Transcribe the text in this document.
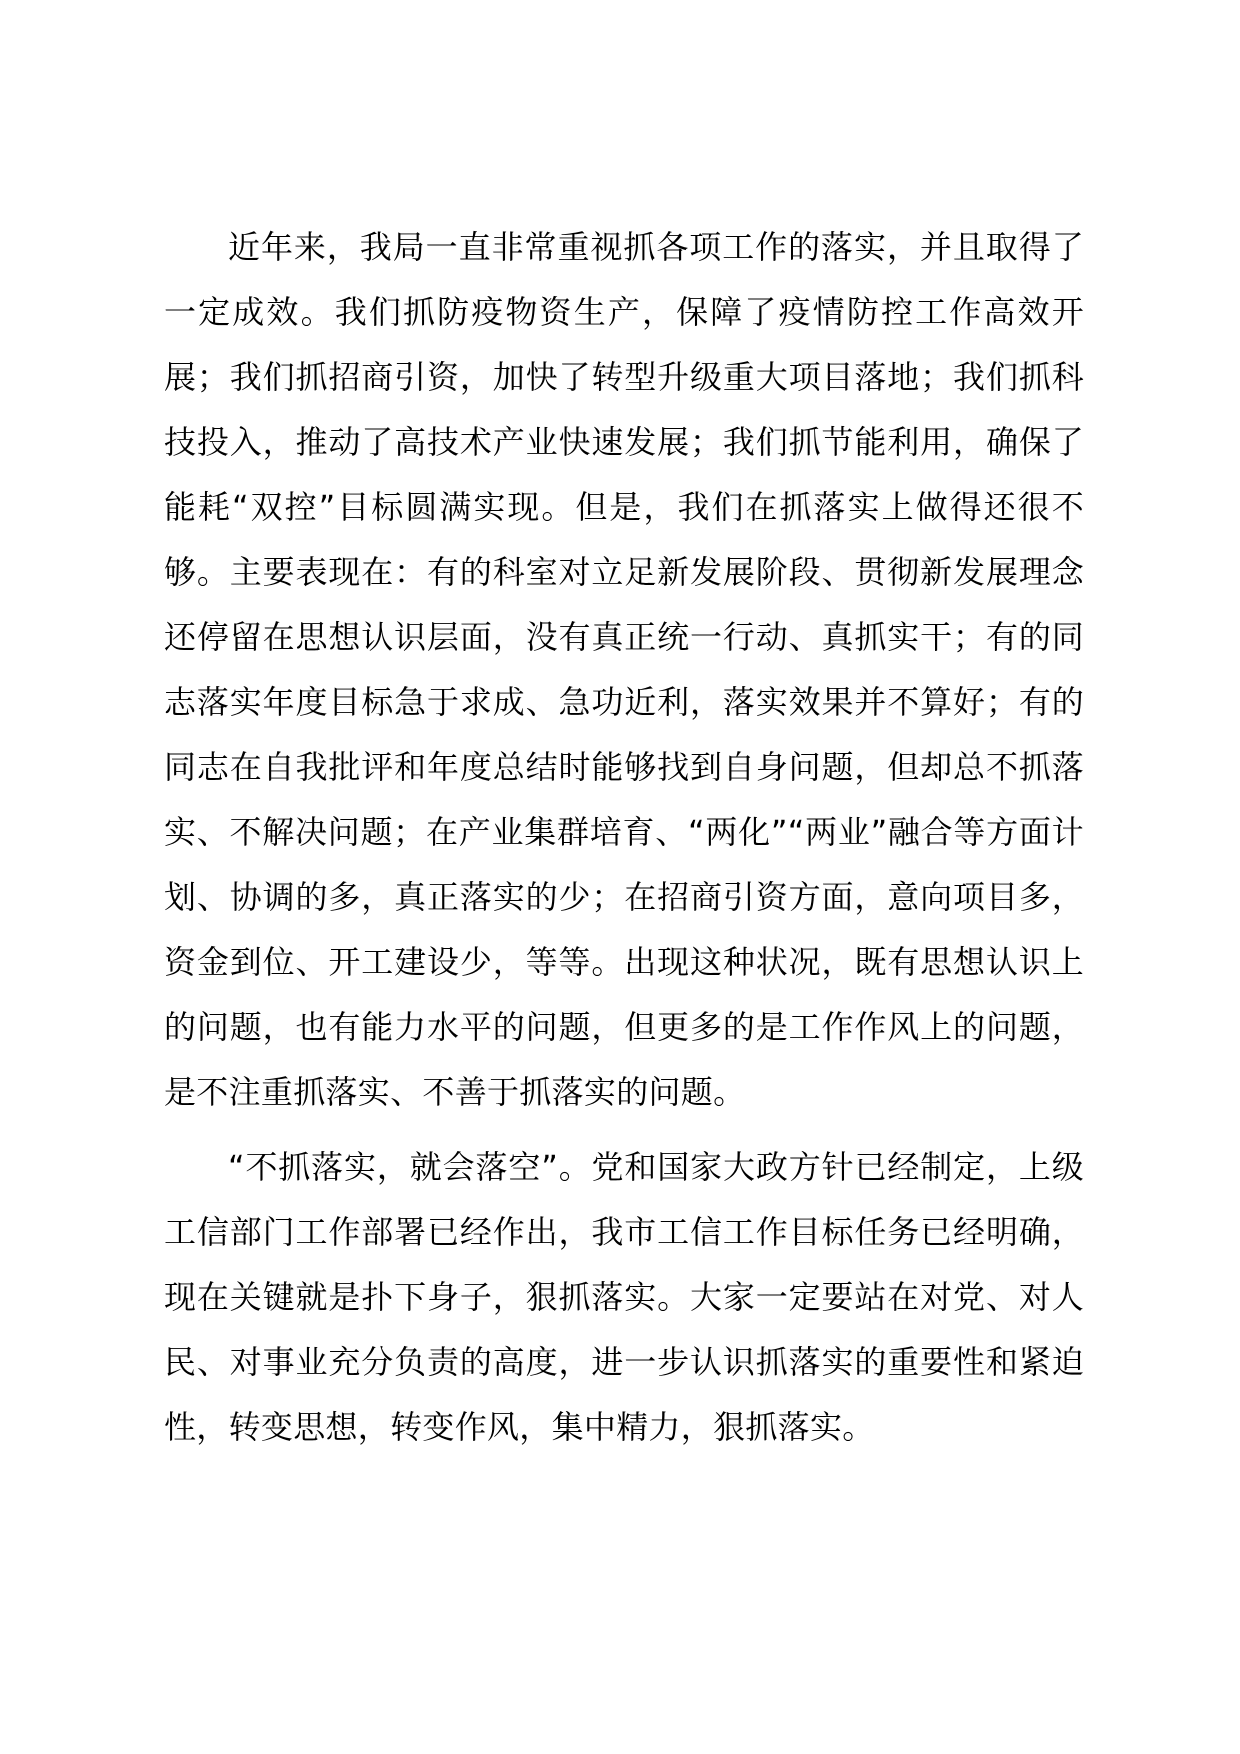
近年来，我局一直非常重视抓各项工作的落实，并且取得了一定成效。我们抓防疫物资生产，保障了疫情防控工作高效开展；我们抓招商引资，加快了转型升级重大项目落地；我们抓科技投入，推动了高技术产业快速发展；我们抓节能利用，确保了能耗“双控”目标圆满实现。但是，我们在抓落实上做得还很不够。主要表现在：有的科室对立足新发展阶段、贯彻新发展理念还停留在思想认识层面，没有真正统一行动、真抓实干；有的同志落实年度目标急于求成、急功近利，落实效果并不算好；有的同志在自我批评和年度总结时能够找到自身问题，但却总不抓落实、不解决问题；在产业集群培育、“两化”“两业”融合等方面计划、协调的多，真正落实的少；在招商引资方面，意向项目多，资金到位、开工建设少，等等。出现这种状况，既有思想认识上的问题，也有能力水平的问题，但更多的是工作作风上的问题，是不注重抓落实、不善于抓落实的问题。

“不抓落实，就会落空”。党和国家大政方针已经制定，上级工信部门工作部署已经作出，我市工信工作目标任务已经明确，现在关键就是扑下身子，狠抓落实。大家一定要站在对党、对人民、对事业充分负责的高度，进一步认识抓落实的重要性和紧迫性，转变思想，转变作风，集中精力，狠抓落实。
